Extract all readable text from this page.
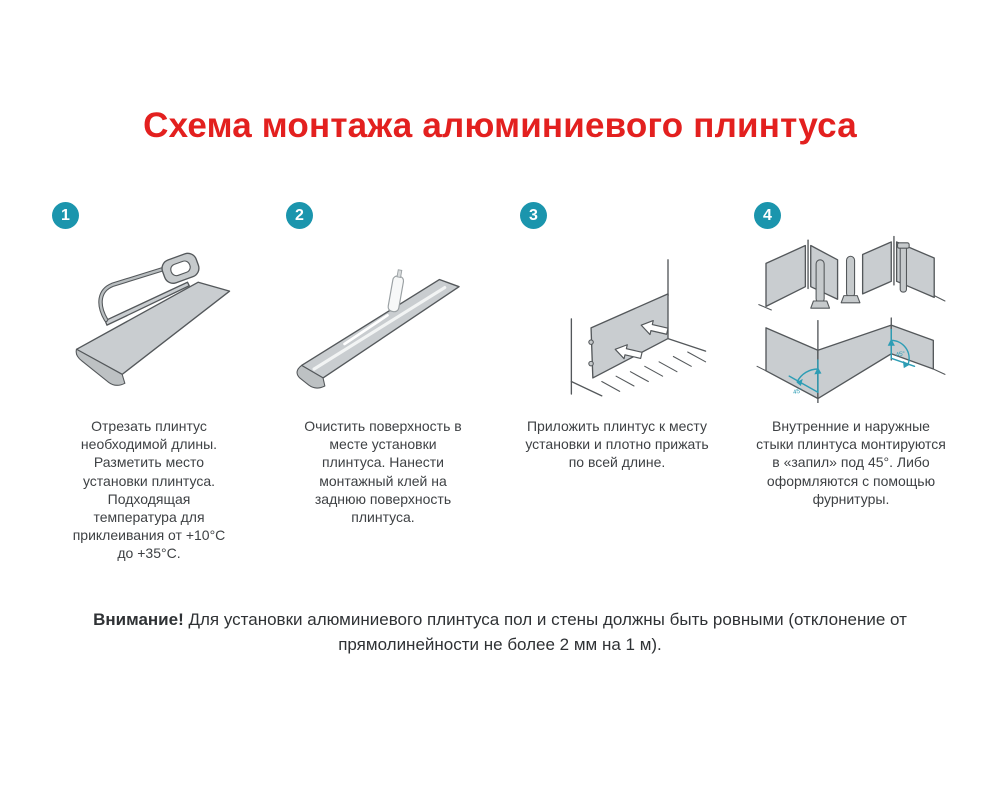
Схема монтажа алюминиевого плинтуса
1

Отрезать плинтус необходимой длины. Разметить место установки плинтуса. Подходящая температура для приклеивания от +10°С до +35°С.

2

Очистить поверхность в месте установки плинтуса. Нанести монтажный клей на заднюю поверхность плинтуса.

3

Приложить плинтус к месту установки и плотно прижать по всей длине.

4
45°
45°

Внутренние и наружные стыки плинтуса монтируются в «запил» под 45°. Либо оформляются с помощью фурнитуры.

Внимание! Для установки алюминиевого плинтуса пол и стены должны быть ровными (отклонение от прямолинейности не более 2 мм на 1 м).
